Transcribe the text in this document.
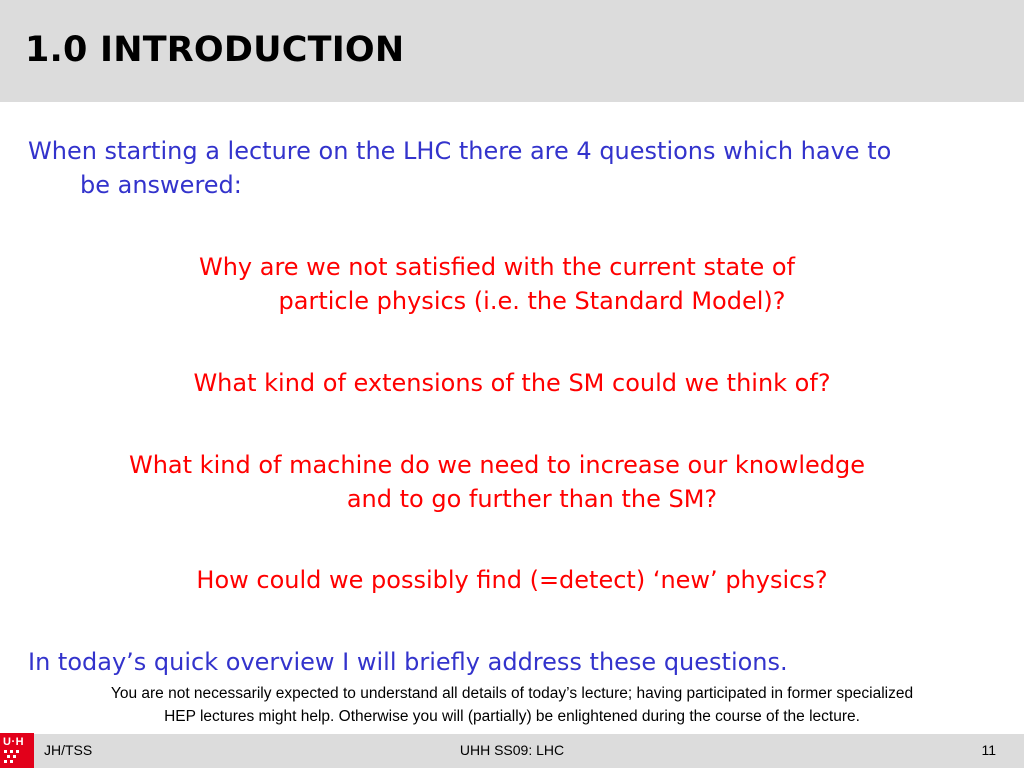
1.0 INTRODUCTION
When starting a lecture on the LHC there are 4 questions which have to
be answered:
Why are we not satisfied with the current state of
particle physics (i.e. the Standard Model)?
What kind of extensions of the SM could we think of?
What kind of machine do we need to increase our knowledge
and to go further than the SM?
How could we possibly find (=detect) ‘new’ physics?
In today’s quick overview I will briefly address these questions.
You are not necessarily expected to understand all details of today’s lecture; having participated in former specialized
HEP lectures might help. Otherwise you will (partially) be enlightened during the course of the lecture.
U·H JH/TSS	UHH SS09: LHC	11
